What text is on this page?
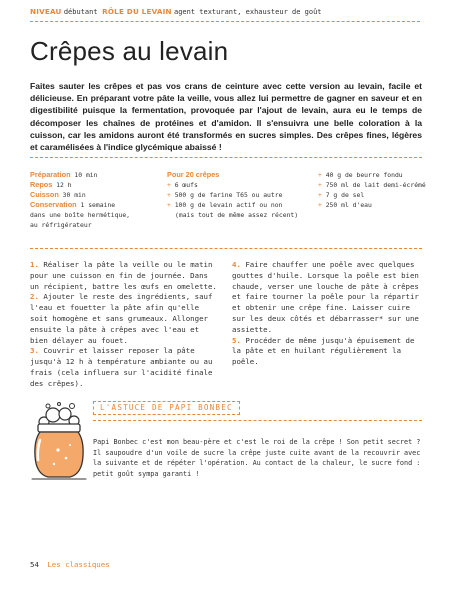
NIVEAU débutant RÔLE DU LEVAIN agent texturant, exhausteur de goût
Crêpes au levain

Faites sauter les crêpes et pas vos crans de ceinture avec cette version au levain, facile et délicieuse. En préparant votre pâte la veille, vous allez lui permettre de gagner en saveur et en digestibilité puisque la fermentation, provoquée par l'ajout de levain, aura eu le temps de décomposer les chaînes de protéines et d'amidon. Il s'ensuivra une belle coloration à la cuisson, car les amidons auront été transformés en sucres simples. Des crêpes fines, légères et caramélisées à l'indice glycémique abaissé !

Préparation 10 min
Repos 12 h
Cuisson 30 min
Conservation 1 semaine
dans une boîte hermétique,
au réfrigérateur
Pour 20 crêpes
+ 6 œufs
+ 500 g de farine T65 ou autre
+ 100 g de levain actif ou non
(mais tout de même assez récent)
+ 40 g de beurre fondu
+ 750 ml de lait demi-écrémé
+ 7 g de sel
+ 250 ml d'eau

1. Réaliser la pâte la veille ou le matin pour une cuisson en fin de journée. Dans un récipient, battre les œufs en omelette.

2. Ajouter le reste des ingrédients, sauf l'eau et fouetter la pâte afin qu'elle soit homogène et sans grumeaux. Allonger ensuite la pâte à crêpes avec l'eau et bien délayer au fouet.

3. Couvrir et laisser reposer la pâte jusqu'à 12 h à température ambiante ou au frais (cela influera sur l'acidité finale des crêpes).

4. Faire chauffer une poêle avec quelques gouttes d'huile. Lorsque la poêle est bien chaude, verser une louche de pâte à crêpes et faire tourner la poêle pour la répartir et obtenir une crêpe fine. Laisser cuire sur les deux côtés et débarrasser* sur une assiette.

5. Procéder de même jusqu'à épuisement de la pâte et en huilant régulièrement la poêle.

L'ASTUCE DE PAPI BONBEC

Papi Bonbec c'est mon beau-père et c'est le roi de la crêpe ! Son petit secret ? Il saupoudre d'un voile de sucre la crêpe juste cuite avant de la recouvrir avec la suivante et de répéter l'opération. Au contact de la chaleur, le sucre fond : petit goût sympa garanti !

54 Les classiques
